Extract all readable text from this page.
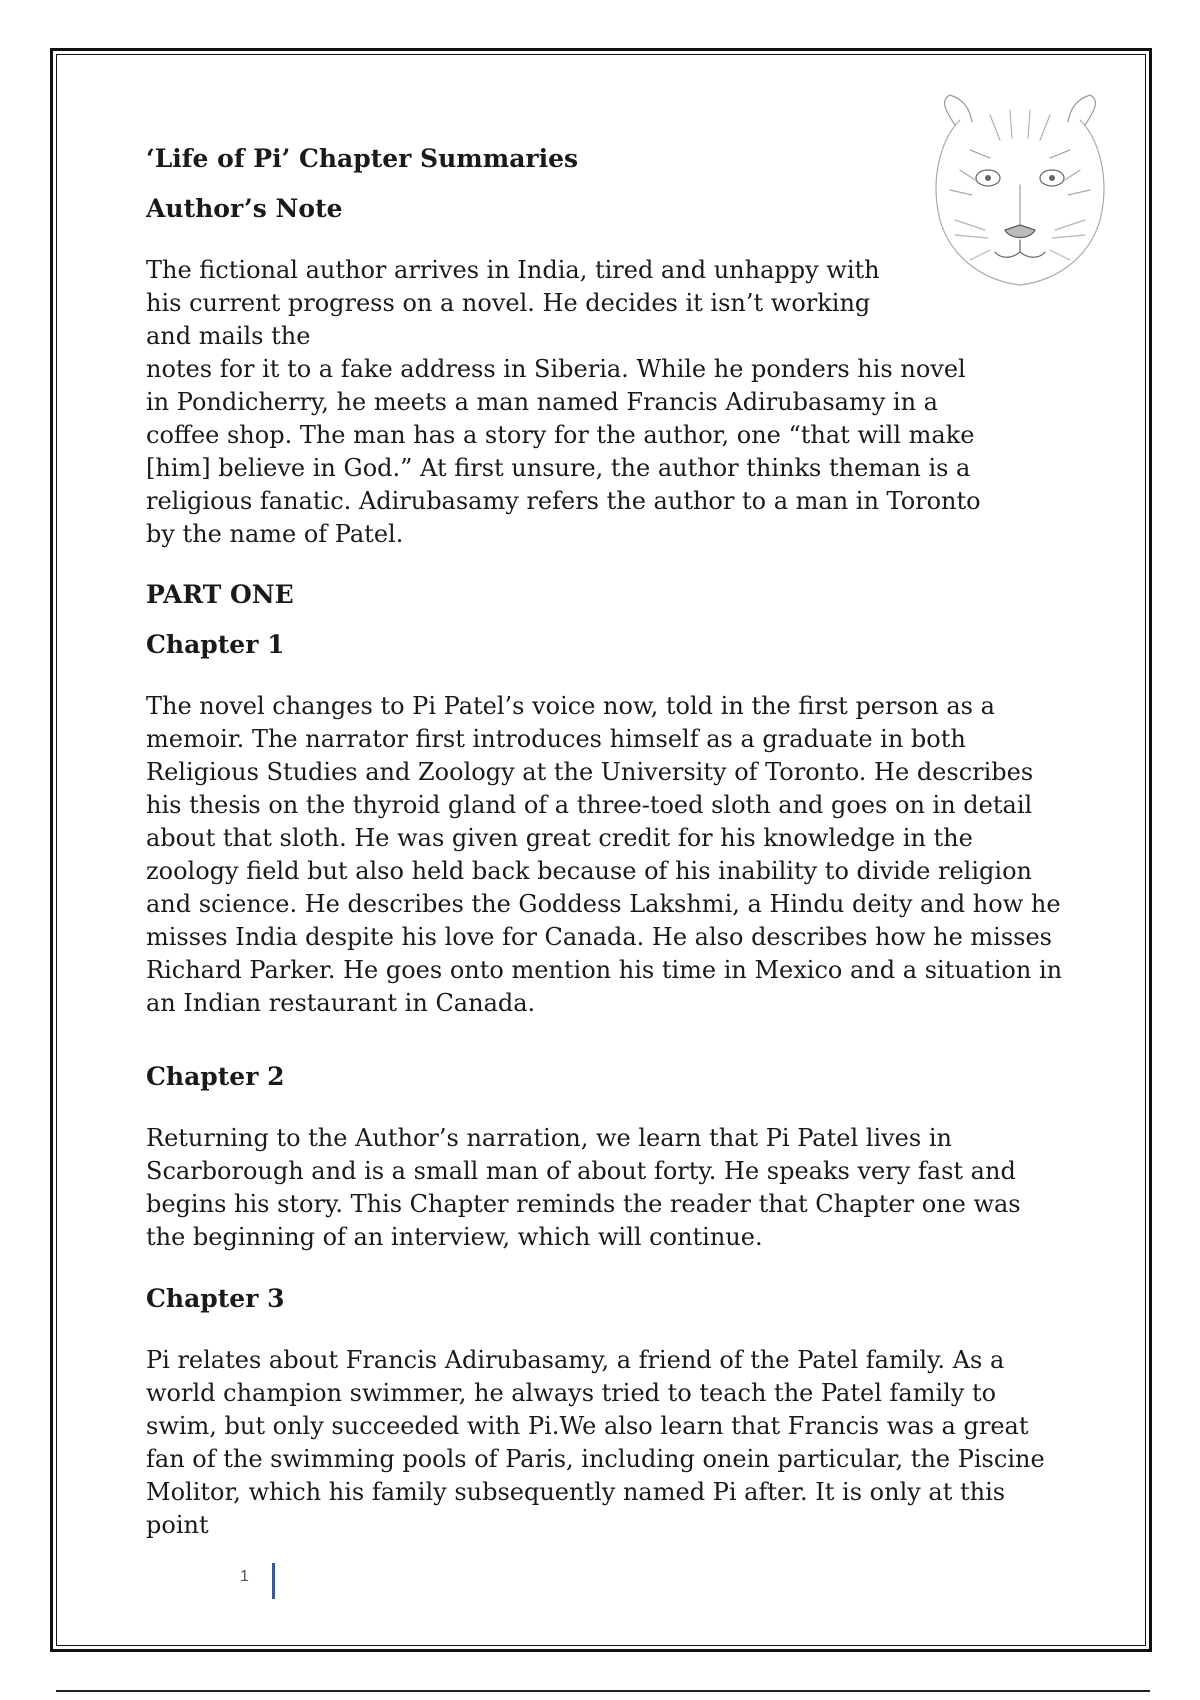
‘Life of Pi’ Chapter Summaries

Author’s Note

The fictional author arrives in India, tired and unhappy with his current progress on a novel. He decides it isn’t working and mails the

notes for it to a fake address in Siberia. While he ponders his novel in Pondicherry, he meets a man named Francis Adirubasamy in a coffee shop. The man has a story for the author, one “that will make [him] believe in God.” At first unsure, the author thinks theman is a religious fanatic. Adirubasamy refers the author to a man in Toronto by the name of Patel.

PART ONE

Chapter 1

The novel changes to Pi Patel’s voice now, told in the first person as a memoir. The narrator first introduces himself as a graduate in both Religious Studies and Zoology at the University of Toronto. He describes his thesis on the thyroid gland of a three-toed sloth and goes on in detail about that sloth. He was given great credit for his knowledge in the zoology field but also held back because of his inability to divide religion and science. He describes the Goddess Lakshmi, a Hindu deity and how he misses India despite his love for Canada. He also describes how he misses Richard Parker. He goes onto mention his time in Mexico and a situation in an Indian restaurant in Canada.

Chapter 2

Returning to the Author’s narration, we learn that Pi Patel lives in Scarborough and is a small man of about forty. He speaks very fast and begins his story. This Chapter reminds the reader that Chapter one was the beginning of an interview, which will continue.

Chapter 3

Pi relates about Francis Adirubasamy, a friend of the Patel family. As a world champion swimmer, he always tried to teach the Patel family to swim, but only succeeded with Pi.We also learn that Francis was a great fan of the swimming pools of Paris, including onein particular, the Piscine Molitor, which his family subsequently named Pi after. It is only at this point

1
